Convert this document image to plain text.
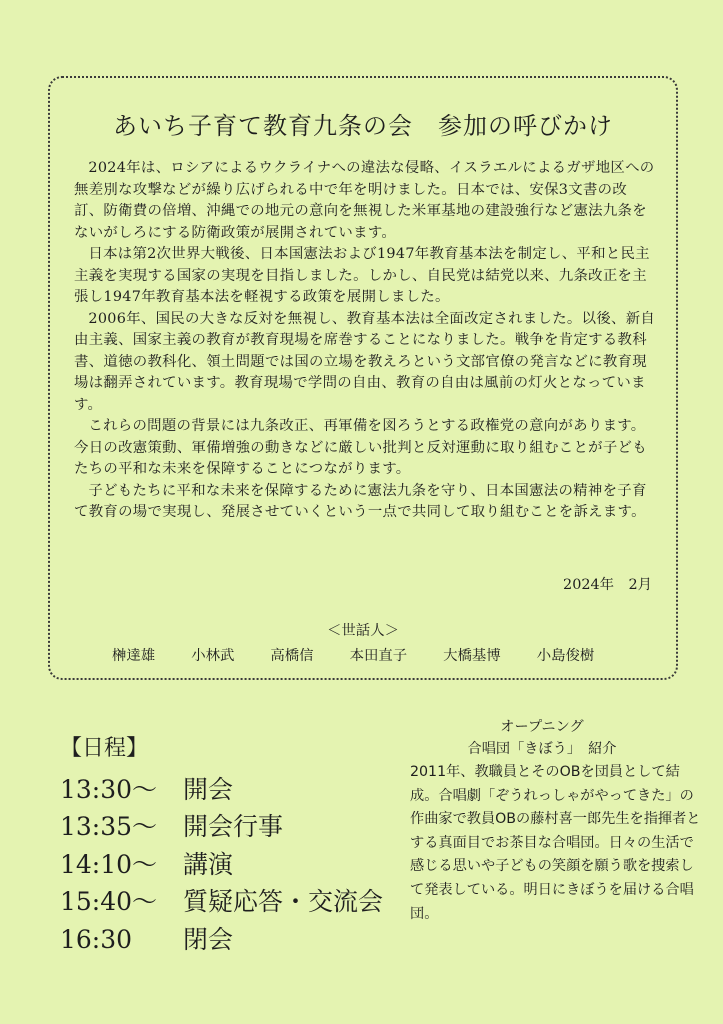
あいち子育て教育九条の会　参加の呼びかけ

2024年は、ロシアによるウクライナへの違法な侵略、イスラエルによるガザ地区への無差別な攻撃などが繰り広げられる中で年を明けました。日本では、安保3文書の改訂、防衛費の倍増、沖縄での地元の意向を無視した米軍基地の建設強行など憲法九条をないがしろにする防衛政策が展開されています。

日本は第2次世界大戦後、日本国憲法および1947年教育基本法を制定し、平和と民主主義を実現する国家の実現を目指しました。しかし、自民党は結党以来、九条改正を主張し1947年教育基本法を軽視する政策を展開しました。

2006年、国民の大きな反対を無視し、教育基本法は全面改定されました。以後、新自由主義、国家主義の教育が教育現場を席巻することになりました。戦争を肯定する教科書、道徳の教科化、領土問題では国の立場を教えろという文部官僚の発言などに教育現場は翻弄されています。教育現場で学問の自由、教育の自由は風前の灯火となっています。

これらの問題の背景には九条改正、再軍備を図ろうとする政権党の意向があります。今日の改憲策動、軍備増強の動きなどに厳しい批判と反対運動に取り組むことが子どもたちの平和な未来を保障することにつながります。

子どもたちに平和な未来を保障するために憲法九条を守り、日本国憲法の精神を子育て教育の場で実現し、発展させていくという一点で共同して取り組むことを訴えます。

2024年　2月
＜世話人＞
榊達雄	小林武	高橋信	本田直子	大橋基博	小島俊樹
【日程】
13:30～	開会
13:35～	開会行事
14:10～	講演
15:40～	質疑応答・交流会
16:30	閉会
オープニング
合唱団「きぼう」　紹介
2011年、教職員とそのOBを団員として結成。合唱劇「ぞうれっしゃがやってきた」の作曲家で教員OBの藤村喜一郎先生を指揮者とする真面目でお茶目な合唱団。日々の生活で感じる思いや子どもの笑顔を願う歌を捜索して発表している。明日にきぼうを届ける合唱団。
